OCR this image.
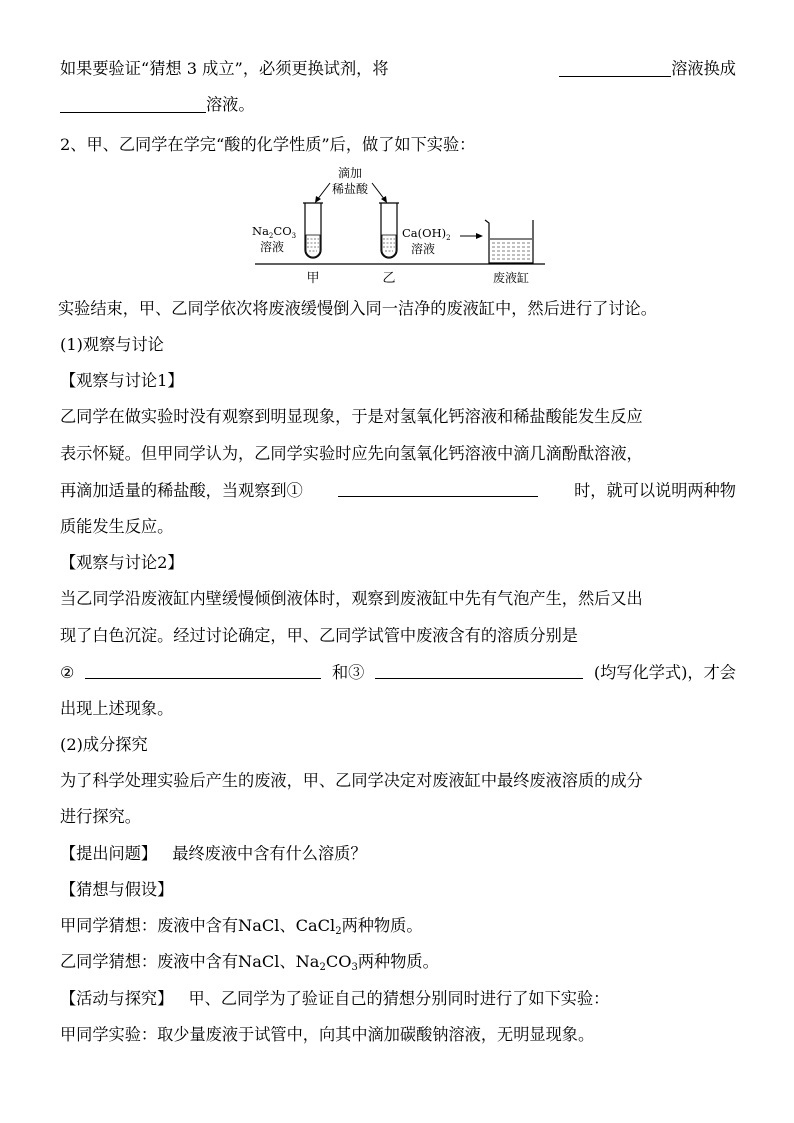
如果要验证“猜想 3 成立”，必须更换试剂，将	溶液换成
溶液。
2、甲、乙同学在学完“酸的化学性质”后，做了如下实验：
滴加
稀盐酸
$Na_2CO_3$
溶液
$Ca(OH)_2$
溶液
甲	乙	废液缸
实验结束，甲、乙同学依次将废液缓慢倒入同一洁净的废液缸中，然后进行了讨论。
(1)观察与讨论
【观察与讨论1】
乙同学在做实验时没有观察到明显现象，于是对氢氧化钙溶液和稀盐酸能发生反应
表示怀疑。但甲同学认为，乙同学实验时应先向氢氧化钙溶液中滴几滴酚酞溶液，
再滴加适量的稀盐酸，当观察到①	时，就可以说明两种物
质能发生反应。
【观察与讨论2】
当乙同学沿废液缸内壁缓慢倾倒液体时，观察到废液缸中先有气泡产生，然后又出
现了白色沉淀。经过讨论确定，甲、乙同学试管中废液含有的溶质分别是
②	和③	(均写化学式)，才会
出现上述现象。
(2)成分探究
为了科学处理实验后产生的废液，甲、乙同学决定对废液缸中最终废液溶质的成分
进行探究。
【提出问题】 最终废液中含有什么溶质？
【猜想与假设】
甲同学猜想：废液中含有NaCl、CaCl$_2$两种物质。
乙同学猜想：废液中含有NaCl、$Na_2CO_3$两种物质。
【活动与探究】 甲、乙同学为了验证自己的猜想分别同时进行了如下实验：
甲同学实验：取少量废液于试管中，向其中滴加碳酸钠溶液，无明显现象。
